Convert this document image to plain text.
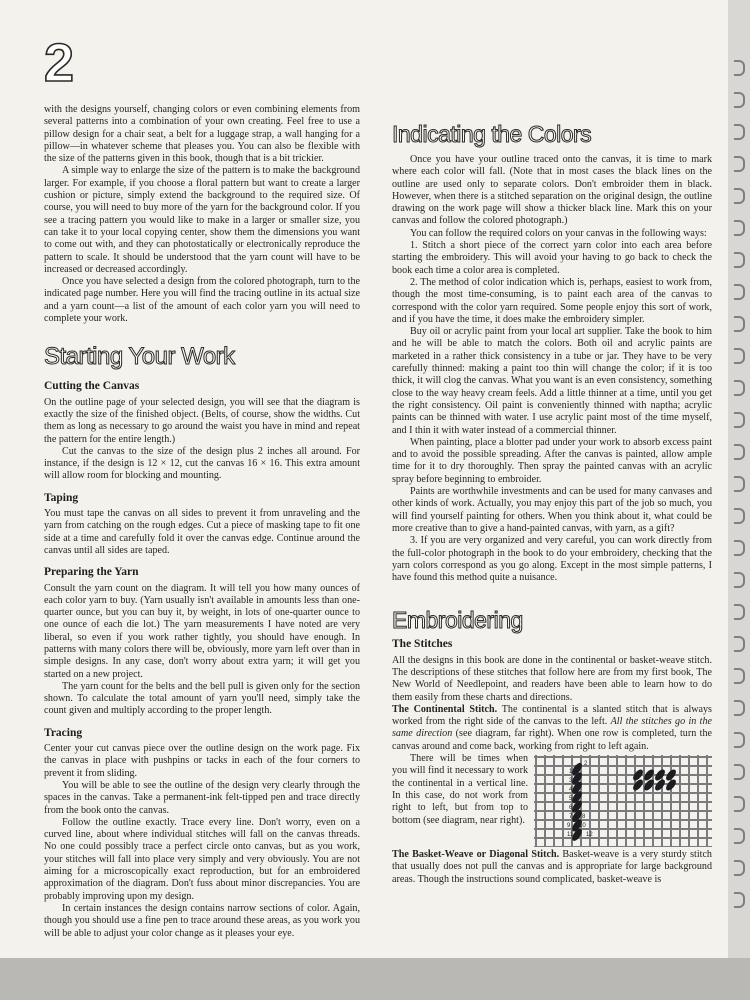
2

with the designs yourself, changing colors or even combining elements from several patterns into a combination of your own creating. Feel free to use a pillow design for a chair seat, a belt for a luggage strap, a wall hanging for a pillow—in whatever scheme that pleases you. You can also be flexible with the size of the patterns given in this book, though that is a bit trickier.

A simple way to enlarge the size of the pattern is to make the background larger. For example, if you choose a floral pattern but want to create a larger cushion or picture, simply extend the background to the required size. Of course, you will need to buy more of the yarn for the background color. If you see a tracing pattern you would like to make in a larger or smaller size, you can take it to your local copying center, show them the dimensions you want to come out with, and they can photostatically or electronically reproduce the pattern to scale. It should be understood that the yarn count will have to be increased or decreased accordingly.

Once you have selected a design from the colored photograph, turn to the indicated page number. Here you will find the tracing outline in its actual size and a yarn count—a list of the amount of each color yarn you will need to complete your work.

Starting Your Work
Cutting the Canvas

On the outline page of your selected design, you will see that the diagram is exactly the size of the finished object. (Belts, of course, show the widths. Cut them as long as necessary to go around the waist you have in mind and repeat the pattern for the entire length.)

Cut the canvas to the size of the design plus 2 inches all around. For instance, if the design is 12 × 12, cut the canvas 16 × 16. This extra amount will allow room for blocking and mounting.

Taping

You must tape the canvas on all sides to prevent it from unraveling and the yarn from catching on the rough edges. Cut a piece of masking tape to fit one side at a time and carefully fold it over the canvas edge. Continue around the canvas until all sides are taped.

Preparing the Yarn

Consult the yarn count on the diagram. It will tell you how many ounces of each color yarn to buy. (Yarn usually isn't available in amounts less than one-quarter ounce, but you can buy it, by weight, in lots of one-quarter ounce to one ounce of each die lot.) The yarn measurements I have noted are very liberal, so even if you work rather tightly, you should have enough. In patterns with many colors there will be, obviously, more yarn left over than in simple designs. In any case, don't worry about extra yarn; it will get you started on a new project.

The yarn count for the belts and the bell pull is given only for the section shown. To calculate the total amount of yarn you'll need, simply take the count given and multiply according to the proper length.

Tracing

Center your cut canvas piece over the outline design on the work page. Fix the canvas in place with pushpins or tacks in each of the four corners to prevent it from sliding.

You will be able to see the outline of the design very clearly through the spaces in the canvas. Take a permanent-ink felt-tipped pen and trace directly from the book onto the canvas.

Follow the outline exactly. Trace every line. Don't worry, even on a curved line, about where individual stitches will fall on the canvas threads. No one could possibly trace a perfect circle onto canvas, but as you work, your stitches will fall into place very simply and very obviously. You are not aiming for a microscopically exact reproduction, but for an embroidered approximation of the diagram. Don't fuss about minor discrepancies. You are probably improving upon my design.

In certain instances the design contains narrow sections of color. Again, though you should use a fine pen to trace around these areas, as you work you will be able to adjust your color change as it pleases your eye.

Indicating the Colors

Once you have your outline traced onto the canvas, it is time to mark where each color will fall. (Note that in most cases the black lines on the outline are used only to separate colors. Don't embroider them in black. However, when there is a stitched separation on the original design, the outline drawing on the work page will show a thicker black line. Mark this on your canvas and follow the colored photograph.)

You can follow the required colors on your canvas in the following ways:

1. Stitch a short piece of the correct yarn color into each area before starting the embroidery. This will avoid your having to go back to check the book each time a color area is completed.

2. The method of color indication which is, perhaps, easiest to work from, though the most time-consuming, is to paint each area of the canvas to correspond with the color yarn required. Some people enjoy this sort of work, and if you have the time, it does make the embroidery simpler.

Buy oil or acrylic paint from your local art supplier. Take the book to him and he will be able to match the colors. Both oil and acrylic paints are marketed in a rather thick consistency in a tube or jar. They have to be very carefully thinned: making a paint too thin will change the color; if it is too thick, it will clog the canvas. What you want is an even consistency, something close to the way heavy cream feels. Add a little thinner at a time, until you get the right consistency. Oil paint is conveniently thinned with naptha; acrylic paints can be thinned with water. I use acrylic paint most of the time myself, and I thin it with water instead of a commercial thinner.

When painting, place a blotter pad under your work to absorb excess paint and to avoid the possible spreading. After the canvas is painted, allow ample time for it to dry thoroughly. Then spray the painted canvas with an acrylic spray before beginning to embroider.

Paints are worthwhile investments and can be used for many canvases and other kinds of work. Actually, you may enjoy this part of the job so much, you will find yourself painting for others. When you think about it, what could be more creative than to give a hand-painted canvas, with yarn, as a gift?

3. If you are very organized and very careful, you can work directly from the full-color photograph in the book to do your embroidery, checking that the yarn colors correspond as you go along. Except in the most simple patterns, I have found this method quite a nuisance.

Embroidering
The Stitches

All the designs in this book are done in the continental or basket-weave stitch. The descriptions of these stitches that follow here are from my first book, The New World of Needlepoint, and readers have been able to learn how to do them easily from these charts and directions.

The Continental Stitch. The continental is a slanted stitch that is always worked from the right side of the canvas to the left. All the stitches go in the same direction (see diagram, far right). When one row is completed, turn the canvas around and come back, working from right to left again.

2
1
3
4
5
6
7 8
9 10
11 12

There will be times when you will find it necessary to work the continental in a vertical line. In this case, do not work from right to left, but from top to bottom (see diagram, near right).

The Basket-Weave or Diagonal Stitch. Basket-weave is a very sturdy stitch that usually does not pull the canvas and is appropriate for large background areas. Though the instructions sound complicated, basket-weave is
